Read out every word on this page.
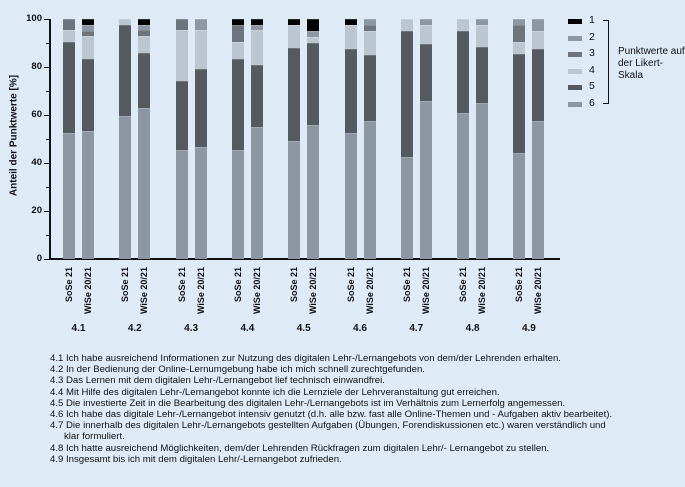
Anteil der Punktwerte [%]
0
20
40
60
80
100
SoSe 21 WiSe 20/21	SoSe 21 WiSe 20/21	SoSe 21 WiSe 20/21	SoSe 21 WiSe 20/21	SoSe 21 WiSe 20/21	SoSe 21 WiSe 20/21	SoSe 21 WiSe 20/21	SoSe 21 WiSe 20/21	SoSe 21 WiSe 20/21
4.1	4.2	4.3	4.4	4.5	4.6	4.7	4.8	4.9
1
2
3
4
5
6
Punktwerte auf der Likert-Skala
4.1 Ich habe ausreichend Informationen zur Nutzung des digitalen Lehr-/Lernangebots von dem/der Lehrenden erhalten.
4.2 In der Bedienung der Online-Lernumgebung habe ich mich schnell zurechtgefunden.
4.3 Das Lernen mit dem digitalen Lehr-/Lernangebot lief technisch einwandfrei.
4.4 Mit Hilfe des digitalen Lehr-/Lernangebot konnte ich die Lernziele der Lehrveranstaltung gut erreichen.
4.5 Die investierte Zeit in die Bearbeitung des digitalen Lehr-/Lernangebots ist im Verhältnis zum Lernerfolg angemessen.
4.6 Ich habe das digitale Lehr-/Lernangebot intensiv genutzt (d.h. alle bzw. fast alle Online-Themen und - Aufgaben aktiv bearbeitet).
4.7 Die innerhalb des digitalen Lehr-/Lernangebots gestellten Aufgaben (Übungen, Forendiskussionen etc.) waren verständlich und
klar formuliert.
4.8 Ich hatte ausreichend Möglichkeiten, dem/der Lehrenden Rückfragen zum digitalen Lehr/- Lernangebot zu stellen.
4.9 Insgesamt bis ich mit dem digitalen Lehr/-Lernangebot zufrieden.
